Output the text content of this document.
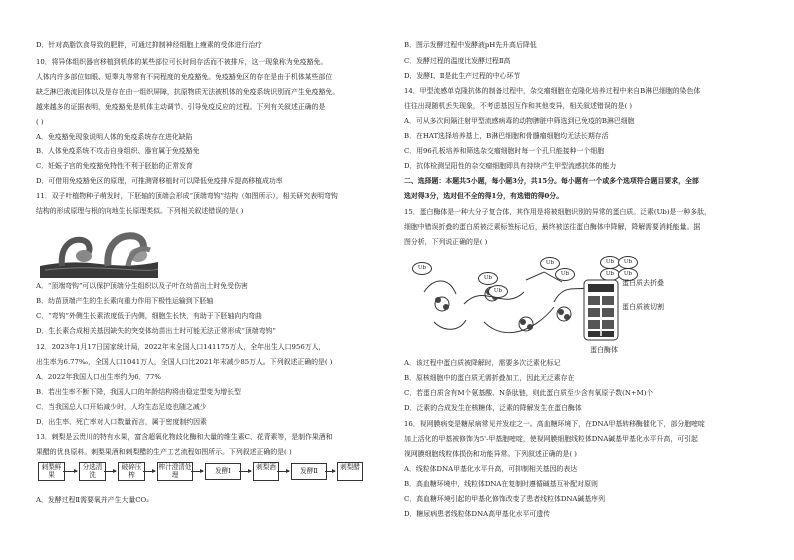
D．针对高脂饮食导致的肥胖，可通过抑制神经细胞上瘦素的受体进行治疗
10．将异体组织器官移植到机体的某些部位可长时间存活而不被排斥，这一现象称为免疫豁免。
人体内许多部位如眼、短睾丸等常有不同程度的免疫豁免。免疫豁免区的存在是由于机体某些部位
缺乏淋巴液流回体以及是存在由一组织屏障，抗原物质无法被机体的免疫系统识别而产生免疫豁免。
越来越多的证据表明，免疫豁免是机体主动调节、引导免疫反应的过程。下列有关叙述正确的是
( )
A．免疫豁免现象说明人体的免疫系统存在进化缺陷
B．人体免疫系统不攻击自身组织、器官属于免疫豁免
C．妊娠子宫的免疫豁免特性不利于胚胎的正常发育
D．可借用免疫豁免区的原理，可推测肾移植时可以降低免疫排斥提高移植成功率
11．双子叶植物种子萌发时，下胚轴的顶端会形成“顶端弯钩”结构（如图所示），相关研究表明弯钩
结构的形成原理与根的向地生长原理类似。下列相关叙述错误的是( )
A．“顶端弯钩”可以保护顶端分生组织以及子叶在幼苗出土时免受伤害
B．幼苗顶端产生的生长素向重力作用下极性运输到下胚轴
C．“弯钩”外侧生长素浓度低于内侧，细胞生长快，有助于下胚轴向内弯曲
D．生长素合成相关基因缺失的突变体幼苗出土时可能无法正常形成“顶端弯钩”
12．2023年1月17日国家统计局，2022年末全国人口141175万人，全年出生人口956万人，
出生率为6.77‰，全国人口1041万人，全国人口比2021年末减少85万人。下列叙述正确的是( )
A．2022年我国人口出生率约为6．77%
B．若出生率不断下降，我国人口的年龄结构将由稳定型变为增长型
C．当我国总人口开始减少时，人均生态足迹也随之减少
D．出生率、死亡率对人口数量而言，属于密度制约因素
13．刺梨是云贵川的特有水果，富含超氧化物歧化酶和大量的维生素C、花青素等，是制作果酒和
果醋的优良原料。刺梨果酒和刺梨醋的生产工艺流程如图所示。下列叙述正确的是( )
刺梨鲜果
分选清洗
破碎压榨
榨汁澄清处理	发酵Ⅰ	刺梨酒	发酵Ⅱ	刺梨醋
A．发酵过程Ⅱ需要氧并产生大量CO₂
B．图示发酵过程中发酵液pH先升高后降低
C．发酵过程的温度比发酵过程Ⅱ高
D．发酵Ⅰ、Ⅱ是此生产过程的中心环节
14．甲型流感单克隆抗体的制备过程中，杂交瘤细胞在克隆化培养过程中来自B淋巴细胞的染色体
往往出现随机丢失现象，不考虑基因互作和其他变异，相关叙述错误的是( )
A．可从多次间隔注射甲型流感病毒的动物脾脏中筛选到已免疫的B淋巴细胞
B．在HAT选择培养基上，B淋巴细胞和骨髓瘤细胞均无法长期存活
C．用96孔板培养和筛选杂交瘤细胞时每一个孔只能接种一个细胞
D．抗体检测呈阳性的杂交瘤细胞即具有持续产生甲型流感抗体的能力
二、选择题：本题共5小题，每小题3分，共15分。每小题有一个或多个选项符合题目要求，全部
选对得3分，选对但不全的得1分，有选错的得0分。
15．蛋白酶体是一种大分子复合体，其作用是将被细胞识别的异常的蛋白质。泛素(Ub)是一种多肽，
细胞中错误折叠的蛋白质被泛素标签标记后，最终被送往蛋白酶体中降解，降解需要消耗能量。据
图分析，下列说正确的是( )
Ub
Ub
Ub
Ub
Ub
Ub	Ub
Ub	Ub
蛋白质去折叠
蛋白质被切割
蛋白酶体
A．该过程中蛋白质被降解时，需要多次泛素化标记
B．原核细胞中的蛋白质无需折叠加工，因此无泛素存在
C．若蛋白质含有M个氨基酸、N条肽链，则此蛋白质至少含有氧原子数(N+M)个
D．泛素的合成发生在核糖体，泛素的降解发生在蛋白酶体
16．视网膜病变是糖尿病常见并发症之一。高血糖环境下，在DNA甲基转移酶催化下，部分胞嘧啶
加上活化的甲基被修饰为5'-甲基胞嘧啶，使视网膜细胞线粒体DNA碱基甲基化水平升高，可引起
视网膜细胞线粒体损伤和功能异常。下列叙述正确的是( )
A．线粒体DNA甲基化水平升高，可抑制相关基因的表达
B．高血糖环境中，线粒体DNA在复制时遵循碱基互补配对原则
C．高血糖环境引起的甲基化修饰改变了患者线粒体DNA碱基序列
D．糖尿病患者线粒体DNA高甲基化水平可遗传
